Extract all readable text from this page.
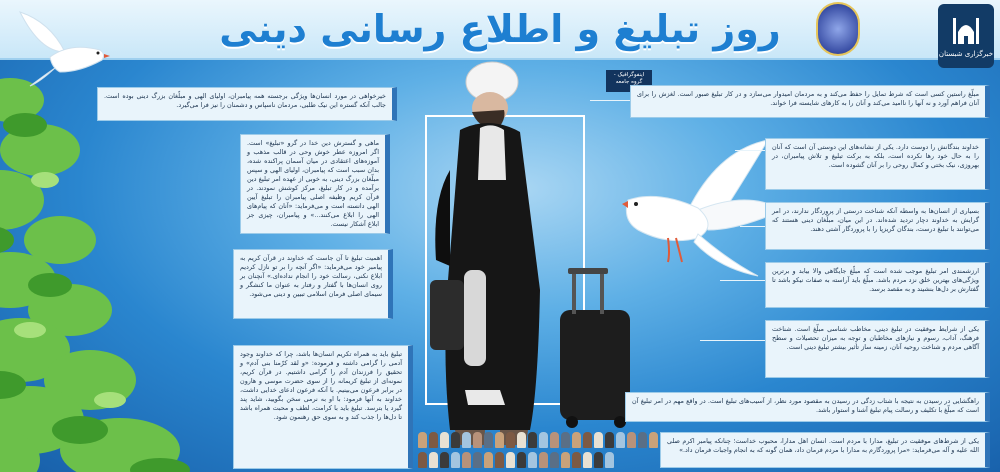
روز تبلیغ و اطلاع رسانی دینی
خبرگزاری شبستان
خیرخواهی در مورد انسان‌ها ویژگی برجسته همه پیامبران، اولیای الهی و مبلّغان بزرگ دینی بوده است. جالب آنکه گستره این نیک طلبی، مردمان ناسپاس و دشمنان را نیز فرا می‌گیرد.
ماهی و گسترش دین خدا در گرو «تبلیغ» است. اگر امروزه عطر خوش وحی در قالب مذهب و آموزه‌های اعتقادی در میان آسمان پراکنده شده، بدان سبب است که پیامبران، اولیای الهی و سپس مبلّغان بزرگ دینی، به خوبی از عهده امر تبلیغ دین برآمده و در کار تبلیغ، مرکز کوشش نمودند. در قرآن کریم وظیفه اصلی پیامبران را تبلیغ آیین الهی دانسته است و می‌فرماید: «آنان که پیام‌های الهی را ابلاغ می‌کنند...» و پیامبران، چیزی جز ابلاغ آشکار نیست.
اهمیت تبلیغ تا آن جاست که خداوند در قرآن کریم به پیامبر خود می‌فرماید: «اگر آنچه را بر تو نازل کردیم ابلاغ نکنی، رسالت خود را انجام نداده‌ای.» آنچنان بر روی انسان‌ها با گفتار و رفتار به عنوان ما کنشگر و سیمای اصلی فرمان اسلامی تبیین و دینی می‌شود.
تبلیغ باید به همراه تکریم انسان‌ها باشد، چرا که خداوند وجود آدمی را گرامی داشته و فرموده: «و لقد کرّمنا بنی آدم» و تحقیق را فرزندان آدم را گرامی داشتیم. در قرآن کریم، نمونه‌ای از تبلیغ کریمانه را از سوی حضرت موسی و هارون در برابر فرعون می‌بینیم. با آنکه فرعون ادعای خدایی داشت، خداوند به آنها فرمود: با او به نرمی سخن بگویید، شاید پند گیرد یا بترسد. تبلیغ باید با کرامت، لطف و محبت همراه باشد تا دل‌ها را جذب کند و به سوی حق رهنمون شود.
اینفوگرافیک - گروه جامعه
مبلّغ راستین کسی است که شرط تمایل را حفظ می‌کند و به مردمان امیدوار می‌سازد و در کار تبلیغ صبور است. لغزش را برای آنان فراهم آورد و نه آنها را ناامید می‌کند و آنان را به کارهای شایسته فرا خواند.
خداوند بندگانش را دوست دارد. یکی از نشانه‌های این دوستی آن است که آنان را به حال خود رها نکرده است، بلکه به برکت تبلیغ و تلاش پیامبران، در بهروزی، نیک بختی و کمال روحی را بر آنان گشوده است.
بسیاری از انسان‌ها به واسطه آنکه شناخت درستی از پروردگار ندارند، در امر گرایش به خداوند دچار تردید شده‌اند. در این میان، مبلّغان دینی هستند که می‌توانند با تبلیغ درست، بندگان گریزپا را با پروردگار آشتی دهند.
ارزشمندی امر تبلیغ موجب شده است که مبلّغ جایگاهی والا بیابد و برترین ویژگی‌های بهترین خلق نزد مردم باشد. مبلّغ باید آراسته به صفات نیکو باشد تا گفتارش بر دل‌ها بنشیند و به مقصد برسد.
یکی از شرایط موفقیت در تبلیغ دینی، مخاطب شناسی مبلّغ است. شناخت فرهنگ، آداب، رسوم و نیازهای مخاطبان و توجه به میزان تحصیلات و سطح آگاهی مردم و شناخت روحیه آنان، زمینه ساز تأثیر بیشتر تبلیغ دینی است.
راهگشایی در رسیدن به نتیجه با شتاب زدگی در رسیدن به مقصود مورد نظر، از آسیب‌های تبلیغ است. در واقع مهم در امر تبلیغ آن است که مبلّغ با تکلیف و رسالت پیام تبلیغ آشنا و استوار باشد.
یکی از شرط‌های موفقیت در تبلیغ، مدارا با مردم است. انسان اهل مدارا، محبوب خداست؛ چنانکه پیامبر اکرم صلی الله علیه و آله می‌فرماید: «مرا پروردگارم به مدارا با مردم فرمان داد، همان گونه که به انجام واجبات فرمان داد.»
